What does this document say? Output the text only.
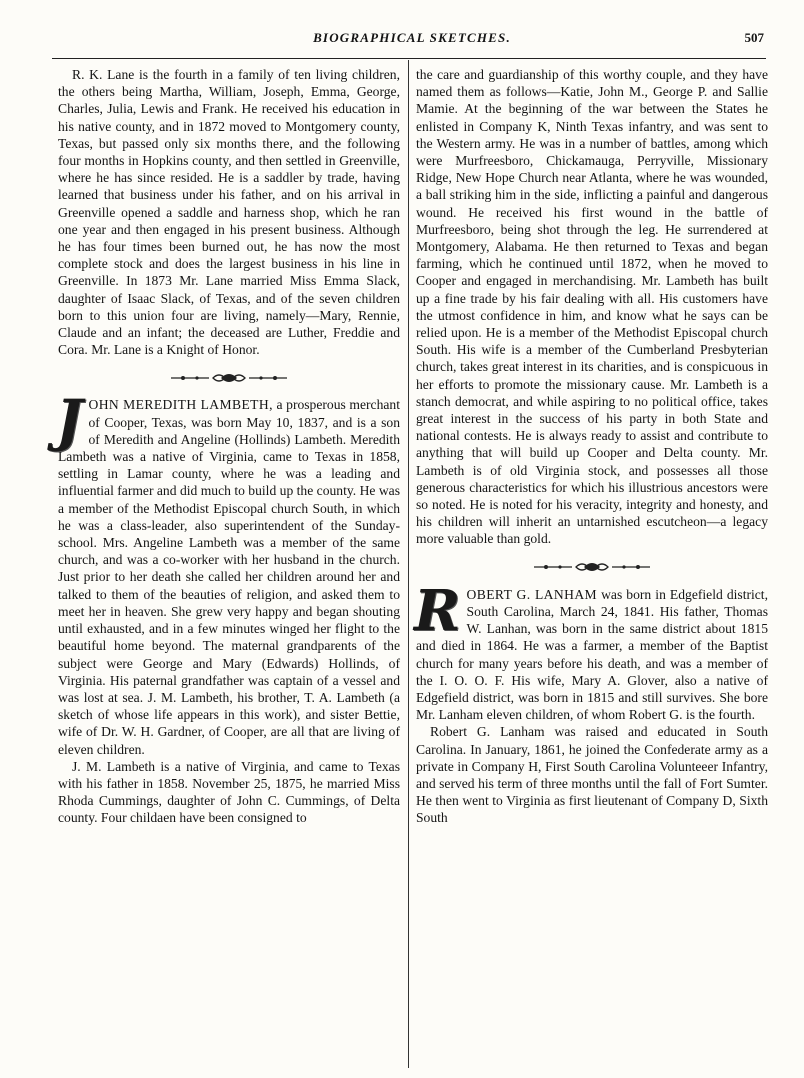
BIOGRAPHICAL SKETCHES.	507

R. K. Lane is the fourth in a family of ten living children, the others being Martha, William, Joseph, Emma, George, Charles, Julia, Lewis and Frank. He received his education in his native county, and in 1872 moved to Montgomery county, Texas, but passed only six months there, and the following four months in Hopkins county, and then settled in Greenville, where he has since resided. He is a saddler by trade, having learned that business under his father, and on his arrival in Greenville opened a saddle and harness shop, which he ran one year and then engaged in his present business. Although he has four times been burned out, he has now the most complete stock and does the largest business in his line in Greenville. In 1873 Mr. Lane married Miss Emma Slack, daughter of Isaac Slack, of Texas, and of the seven children born to this union four are living, namely—Mary, Rennie, Claude and an infant; the deceased are Luther, Freddie and Cora. Mr. Lane is a Knight of Honor.

J OHN MEREDITH LAMBETH, a prosperous merchant of Cooper, Texas, was born May 10, 1837, and is a son of Meredith and Angeline (Hollinds) Lambeth. Meredith Lambeth was a native of Virginia, came to Texas in 1858, settling in Lamar county, where he was a leading and influential farmer and did much to build up the county. He was a member of the Methodist Episcopal church South, in which he was a class-leader, also superintendent of the Sunday-school. Mrs. Angeline Lambeth was a member of the same church, and was a co-worker with her husband in the church. Just prior to her death she called her children around her and talked to them of the beauties of religion, and asked them to meet her in heaven. She grew very happy and began shouting until exhausted, and in a few minutes winged her flight to the beautiful home beyond. The maternal grandparents of the subject were George and Mary (Edwards) Hollinds, of Virginia. His paternal grandfather was captain of a vessel and was lost at sea. J. M. Lambeth, his brother, T. A. Lambeth (a sketch of whose life appears in this work), and sister Bettie, wife of Dr. W. H. Gardner, of Cooper, are all that are living of eleven children.

J. M. Lambeth is a native of Virginia, and came to Texas with his father in 1858. November 25, 1875, he married Miss Rhoda Cummings, daughter of John C. Cummings, of Delta county. Four childaen have been consigned to

the care and guardianship of this worthy couple, and they have named them as follows—Katie, John M., George P. and Sallie Mamie. At the beginning of the war between the States he enlisted in Company K, Ninth Texas infantry, and was sent to the Western army. He was in a number of battles, among which were Murfreesboro, Chickamauga, Perryville, Missionary Ridge, New Hope Church near Atlanta, where he was wounded, a ball striking him in the side, inflicting a painful and dangerous wound. He received his first wound in the battle of Murfreesboro, being shot through the leg. He surrendered at Montgomery, Alabama. He then returned to Texas and began farming, which he continued until 1872, when he moved to Cooper and engaged in merchandising. Mr. Lambeth has built up a fine trade by his fair dealing with all. His customers have the utmost confidence in him, and know what he says can be relied upon. He is a member of the Methodist Episcopal church South. His wife is a member of the Cumberland Presbyterian church, takes great interest in its charities, and is conspicuous in her efforts to promote the missionary cause. Mr. Lambeth is a stanch democrat, and while aspiring to no political office, takes great interest in the success of his party in both State and national contests. He is always ready to assist and contribute to anything that will build up Cooper and Delta county. Mr. Lambeth is of old Virginia stock, and possesses all those generous characteristics for which his illustrious ancestors were so noted. He is noted for his veracity, integrity and honesty, and his children will inherit an untarnished escutcheon—a legacy more valuable than gold.

R OBERT G. LANHAM was born in Edgefield district, South Carolina, March 24, 1841. His father, Thomas W. Lanhan, was born in the same district about 1815 and died in 1864. He was a farmer, a member of the Baptist church for many years before his death, and was a member of the I. O. O. F. His wife, Mary A. Glover, also a native of Edgefield district, was born in 1815 and still survives. She bore Mr. Lanham eleven children, of whom Robert G. is the fourth.

Robert G. Lanham was raised and educated in South Carolina. In January, 1861, he joined the Confederate army as a private in Company H, First South Carolina Volunteeer Infantry, and served his term of three months until the fall of Fort Sumter. He then went to Virginia as first lieutenant of Company D, Sixth South
